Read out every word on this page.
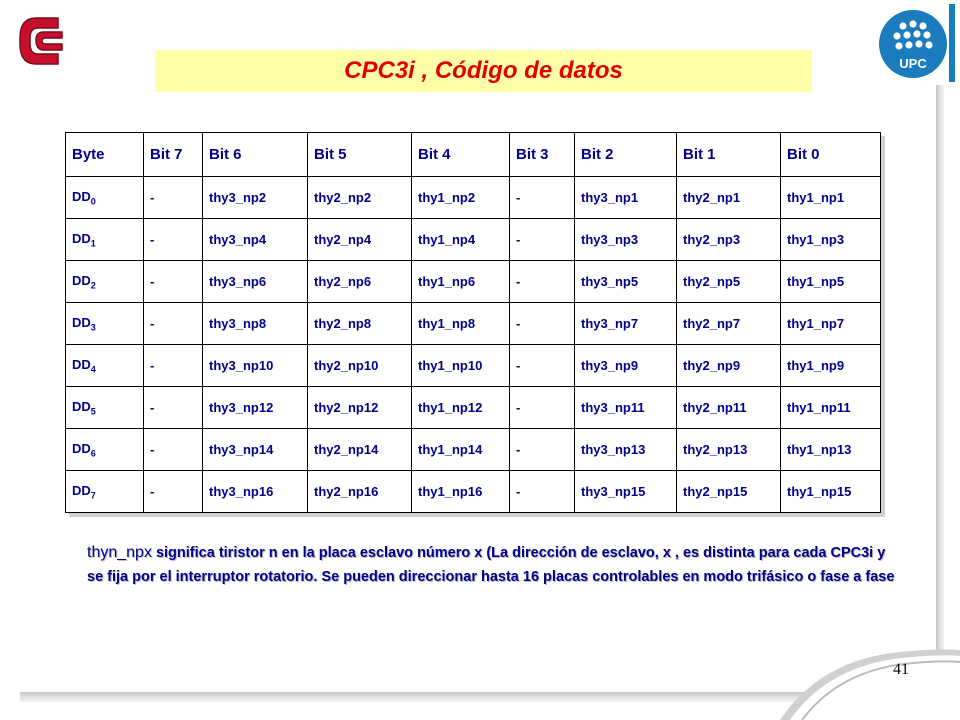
UPC
CPC3i , Código de datos
Byte	Bit 7	Bit 6	Bit 5	Bit 4	Bit 3	Bit 2	Bit 1	Bit 0
$DD_0$	-	thy3_np2	thy2_np2	thy1_np2	-	thy3_np1	thy2_np1	thy1_np1
$DD_1$	-	thy3_np4	thy2_np4	thy1_np4	-	thy3_np3	thy2_np3	thy1_np3
$DD_2$	-	thy3_np6	thy2_np6	thy1_np6	-	thy3_np5	thy2_np5	thy1_np5
$DD_3$	-	thy3_np8	thy2_np8	thy1_np8	-	thy3_np7	thy2_np7	thy1_np7
$DD_4$	-	thy3_np10	thy2_np10	thy1_np10	-	thy3_np9	thy2_np9	thy1_np9
$DD_5$	-	thy3_np12	thy2_np12	thy1_np12	-	thy3_np11	thy2_np11	thy1_np11
$DD_6$	-	thy3_np14	thy2_np14	thy1_np14	-	thy3_np13	thy2_np13	thy1_np13
$DD_7$	-	thy3_np16	thy2_np16	thy1_np16	-	thy3_np15	thy2_np15	thy1_np15
thyn_npx significa tiristor n en la placa esclavo número x (La dirección de esclavo, x , es distinta para cada CPC3i y se fija por el interruptor rotatorio. Se pueden direccionar hasta 16 placas controlables en modo trifásico o fase a fase
41
